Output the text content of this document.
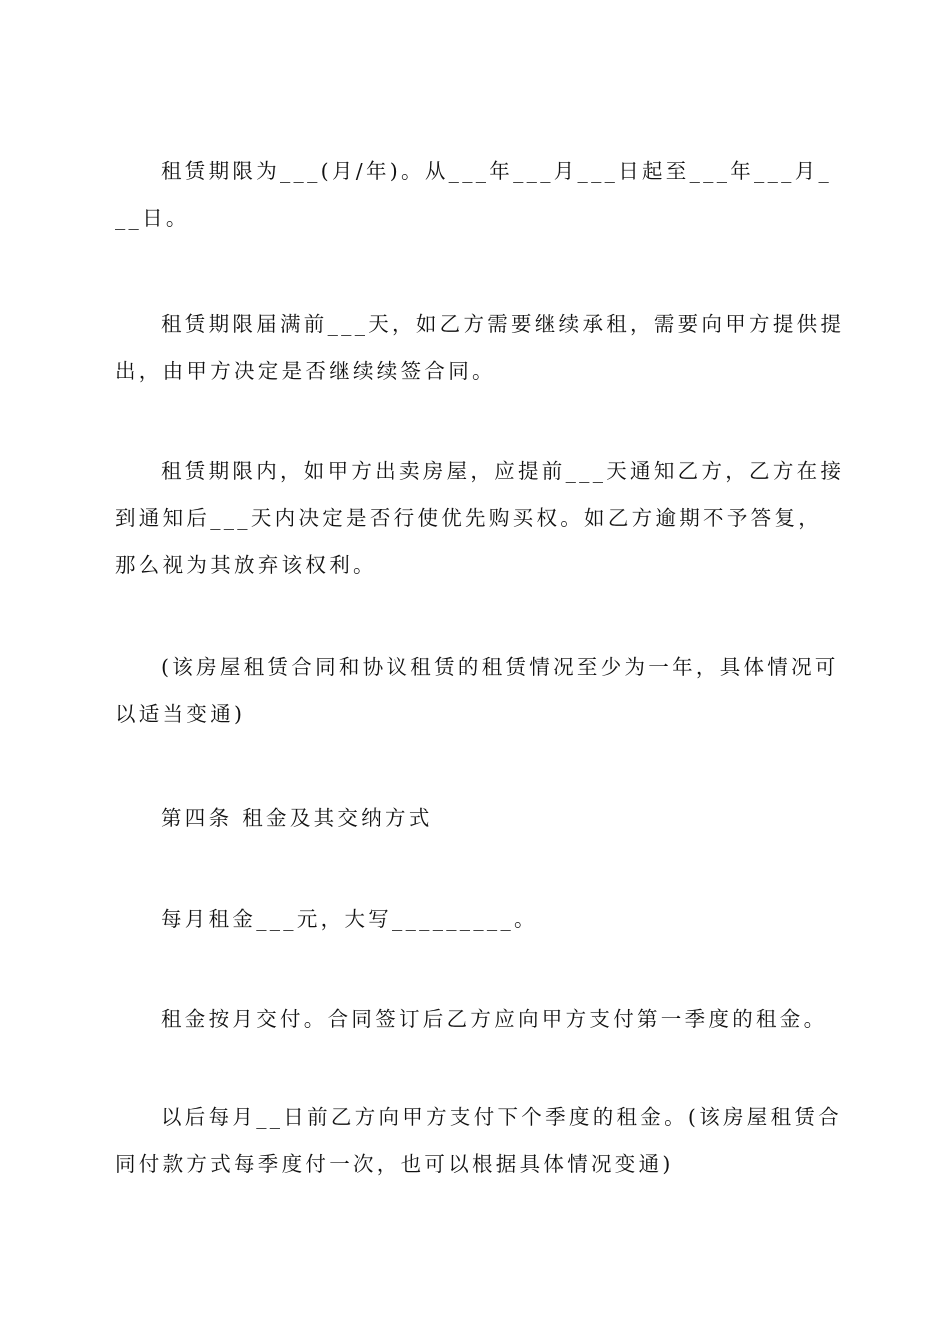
租赁期限为___(月/年)。从___年___月___日起至___年___月___日。

租赁期限届满前___天，如乙方需要继续承租，需要向甲方提供提出，由甲方决定是否继续续签合同。

租赁期限内，如甲方出卖房屋，应提前___天通知乙方，乙方在接到通知后___天内决定是否行使优先购买权。如乙方逾期不予答复，那么视为其放弃该权利。

(该房屋租赁合同和协议租赁的租赁情况至少为一年，具体情况可以适当变通)

第四条 租金及其交纳方式

每月租金___元，大写_________。

租金按月交付。合同签订后乙方应向甲方支付第一季度的租金。

以后每月__日前乙方向甲方支付下个季度的租金。(该房屋租赁合同付款方式每季度付一次，也可以根据具体情况变通)
